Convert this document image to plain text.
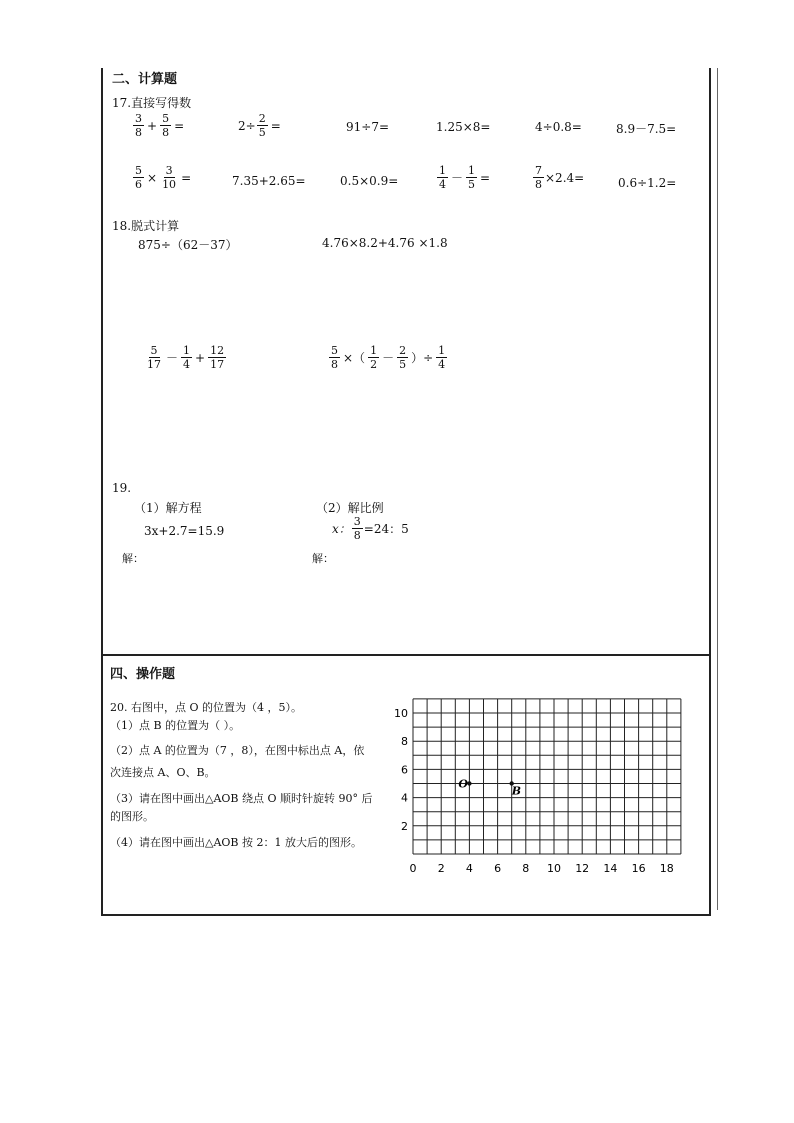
二、计算题
17.直接写得数
$\frac{3}{8} + \frac{5}{8}$ =	$2\div \frac{2}{5}$ =	91÷7=	1.25×8=	4÷0.8=	8.9－7.5=
$\frac{5}{6} \times \frac{3}{10}$ =	7.35+2.65=	0.5×0.9=	$\frac{1}{4} - \frac{1}{5}$ =	$\frac{7}{8} \times 2.4=$	0.6÷1.2=
18.脱式计算
875÷（62－37）	4.76×8.2+4.76 ×1.8
$\frac{5}{17} - \frac{1}{4} + \frac{12}{17}$	$\frac{5}{8}$ ×（ $\frac{1}{2} - \frac{2}{5}$ ）÷ $\frac{1}{4}$
19.
（1）解方程
3x+2.7=15.9
解：
（2）解比例
x： $\frac{3}{8} =24$：5
解：
四、操作题
20. 右图中，点 O 的位置为（4 ，5）。
（1）点 B 的位置为（ ）。
（2）点 A 的位置为（7 ，8），在图中标出点 A，依
次连接点 A、O、B。
（3）请在图中画出△AOB 绕点 O 顺时针旋转 90° 后
的图形。
（4）请在图中画出△AOB 按 2：1 放大后的图形。
0 2 4 6 8 10 12 14 16 18
2
4
6
8
10
O
B
